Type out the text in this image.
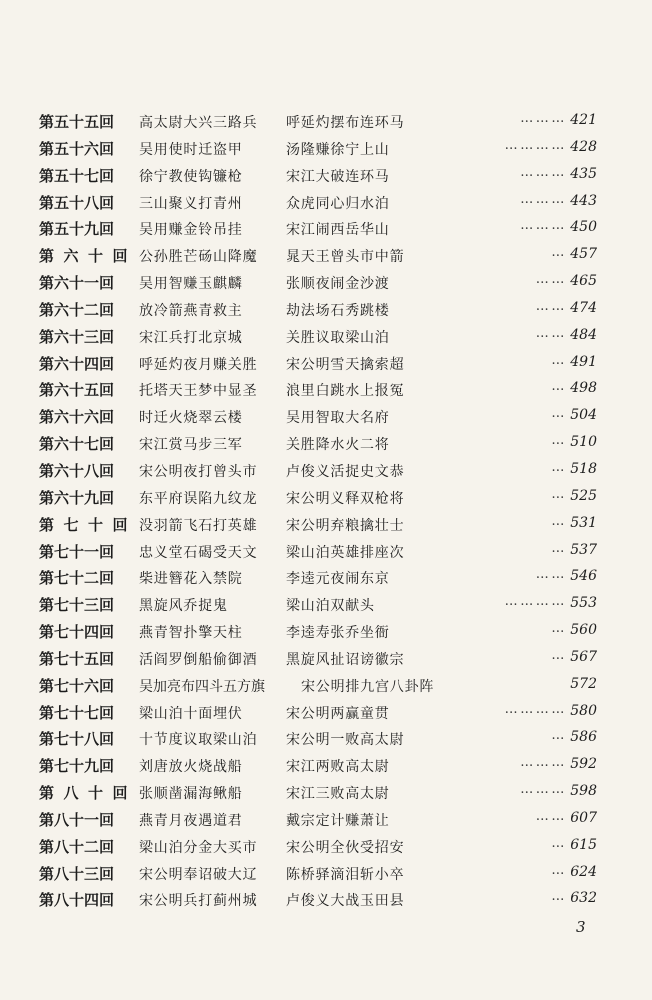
第五十五回 高太尉大兴三路兵 呼延灼摆布连环马	……… 421
第五十六回 吴用使时迁盗甲	汤隆赚徐宁上山	………… 428
第五十七回 徐宁教使钩镰枪	宋江大破连环马	……… 435
第五十八回 三山聚义打青州	众虎同心归水泊	……… 443
第五十九回 吴用赚金铃吊挂	宋江闹西岳华山	……… 450
第六十回 公孙胜芒砀山降魔 晁天王曾头市中箭	… 457
第六十一回 吴用智赚玉麒麟	张顺夜闹金沙渡	…… 465
第六十二回 放冷箭燕青救主	劫法场石秀跳楼	…… 474
第六十三回 宋江兵打北京城	关胜议取梁山泊	…… 484
第六十四回 呼延灼夜月赚关胜 宋公明雪天擒索超	… 491
第六十五回 托塔天王梦中显圣 浪里白跳水上报冤	… 498
第六十六回 时迁火烧翠云楼	吴用智取大名府	… 504
第六十七回 宋江赏马步三军	关胜降水火二将	… 510
第六十八回 宋公明夜打曾头市 卢俊义活捉史文恭	… 518
第六十九回 东平府误陷九纹龙 宋公明义释双枪将	… 525
第七十回 没羽箭飞石打英雄 宋公明弃粮擒壮士	… 531
第七十一回 忠义堂石碣受天文 梁山泊英雄排座次	… 537
第七十二回 柴进簪花入禁院	李逵元夜闹东京	…… 546
第七十三回 黑旋风乔捉鬼	梁山泊双献头	………… 553
第七十四回 燕青智扑擎天柱	李逵寿张乔坐衙	… 560
第七十五回 活阎罗倒船偷御酒 黑旋风扯诏谤徽宗	… 567
第七十六回 吴加亮布四斗五方旗	宋公明排九宫八卦阵	572
第七十七回 梁山泊十面埋伏	宋公明两赢童贯	………… 580
第七十八回 十节度议取梁山泊 宋公明一败高太尉	… 586
第七十九回 刘唐放火烧战船	宋江两败高太尉	……… 592
第八十回 张顺凿漏海鳅船	宋江三败高太尉	……… 598
第八十一回 燕青月夜遇道君	戴宗定计赚萧让	…… 607
第八十二回 梁山泊分金大买市 宋公明全伙受招安	… 615
第八十三回 宋公明奉诏破大辽 陈桥驿滴泪斩小卒	… 624
第八十四回 宋公明兵打蓟州城 卢俊义大战玉田县	… 632
3
